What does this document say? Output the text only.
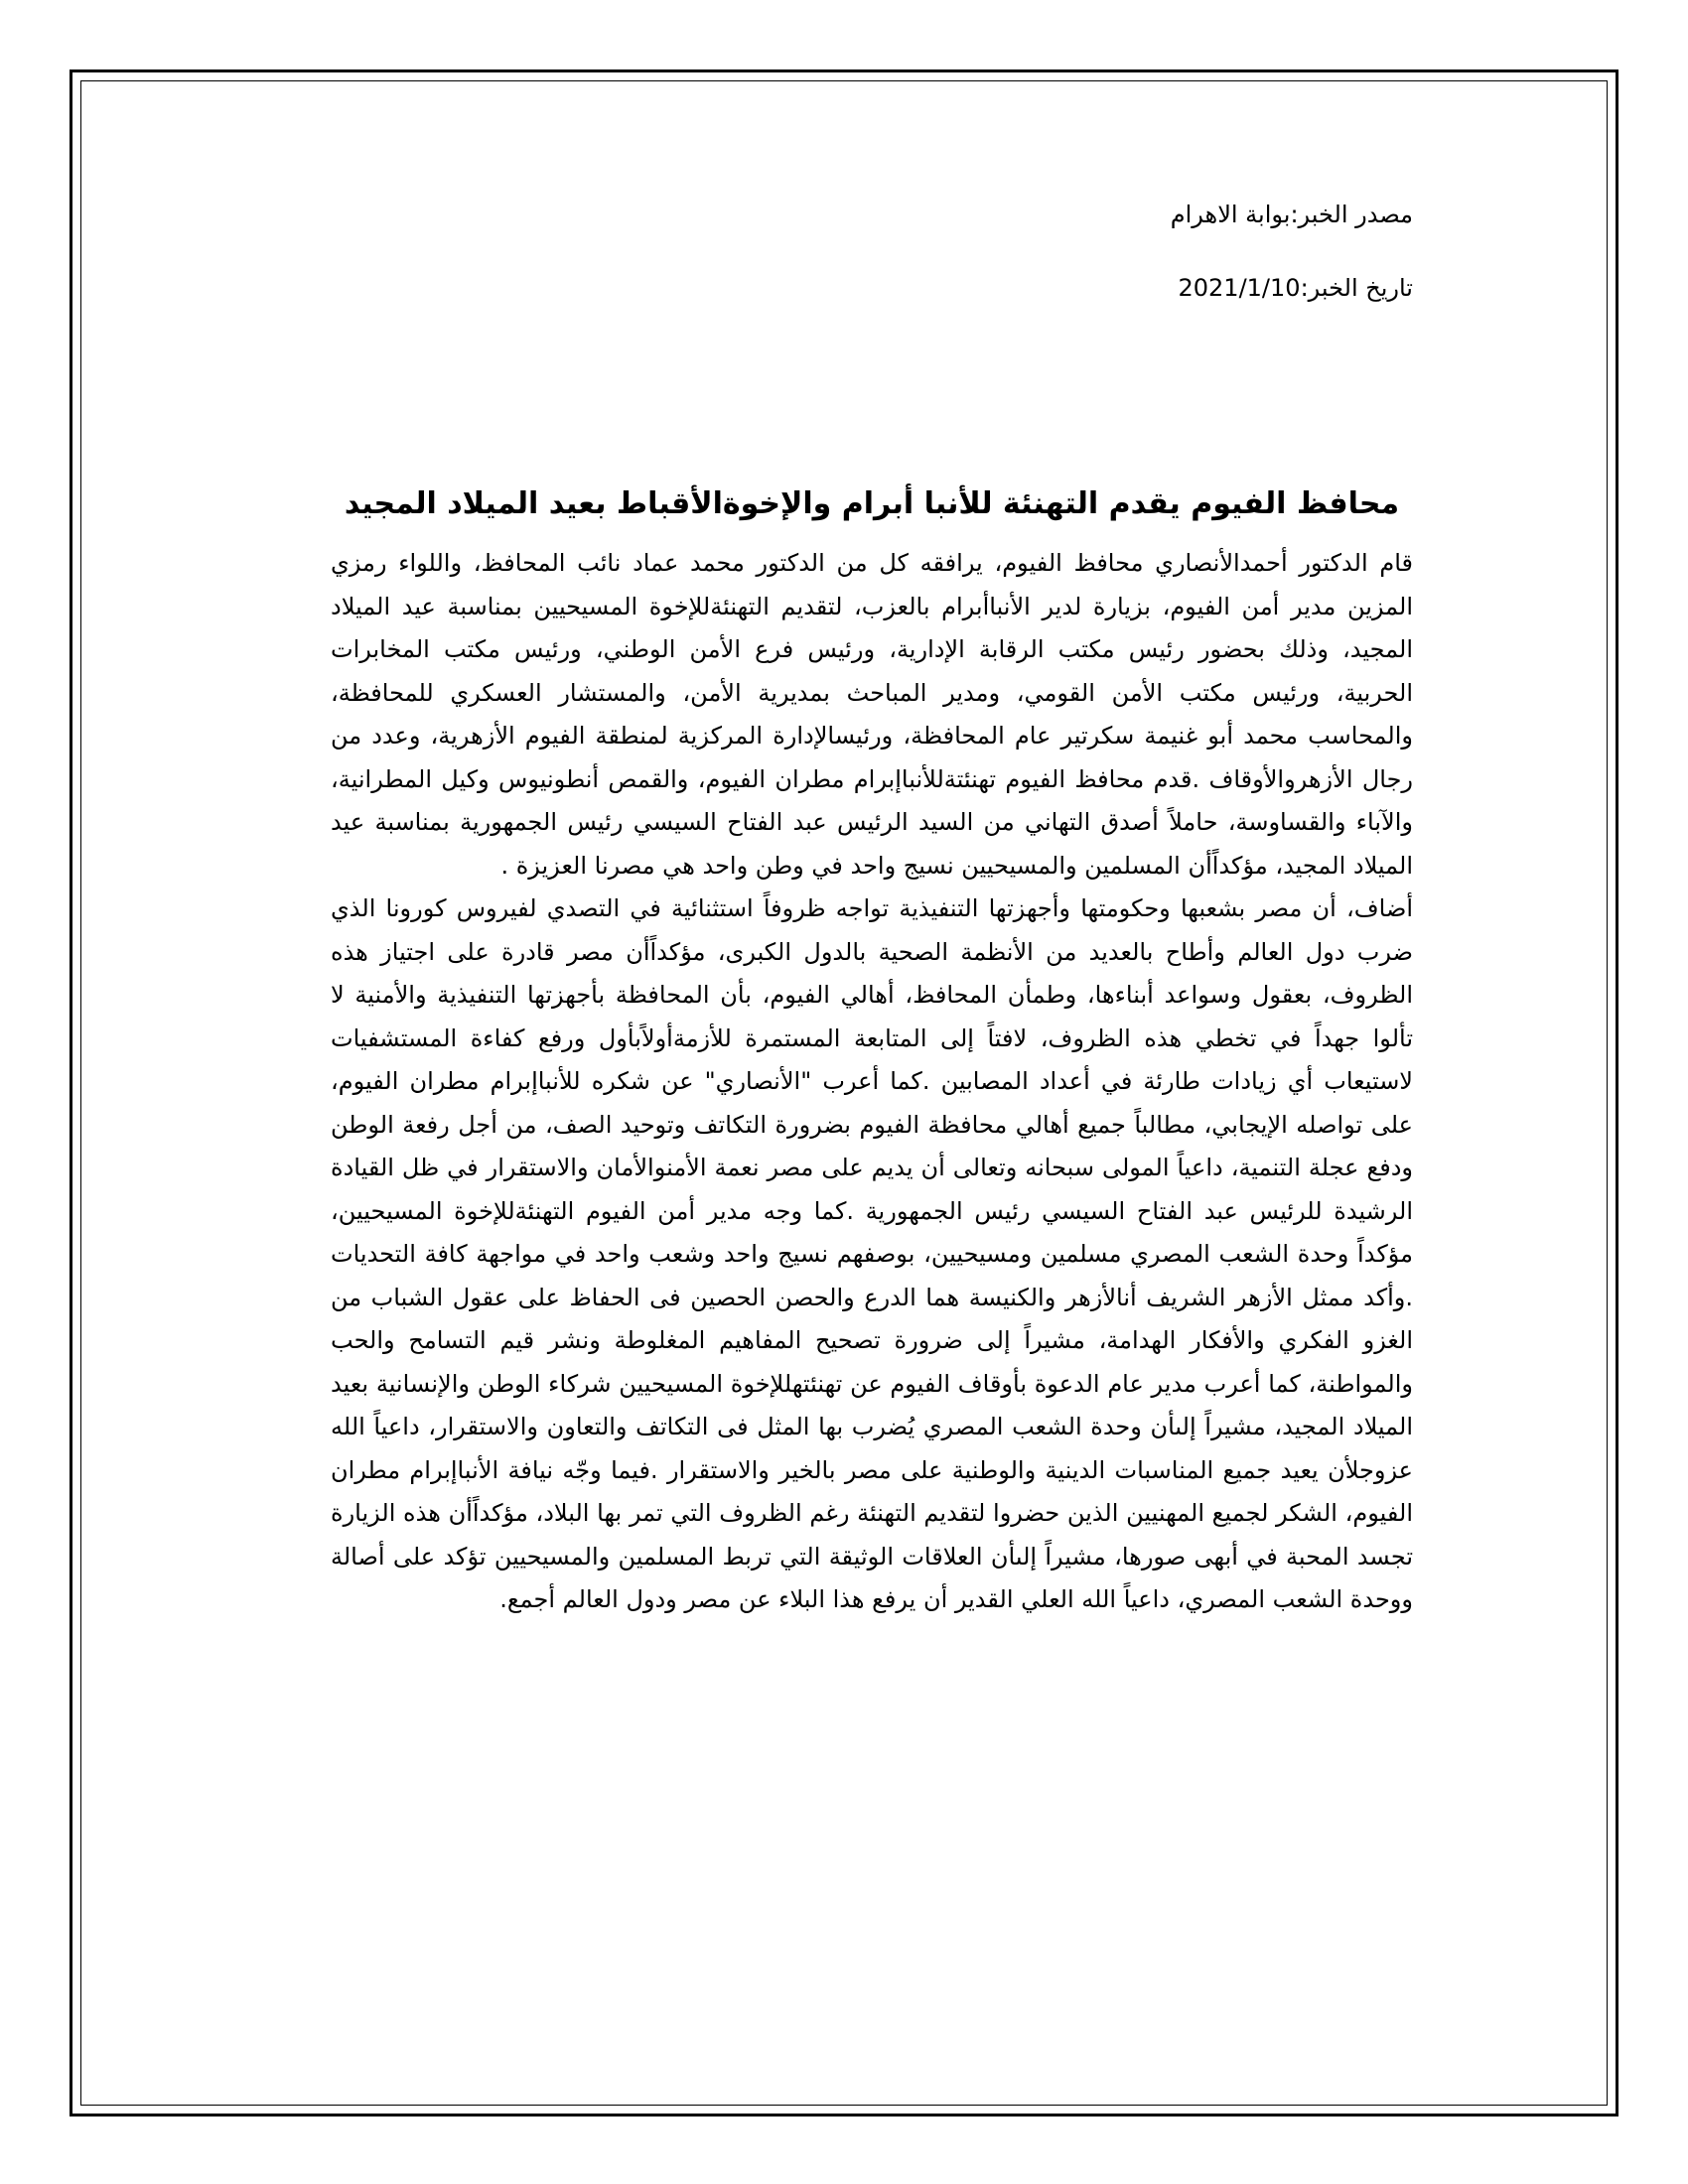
مصدر الخبر:بوابة الاهرام

تاريخ الخبر:2021/1/10

محافظ الفيوم يقدم التهنئة للأنبا أبرام والإخوةالأقباط بعيد الميلاد المجيد

قام الدكتور أحمدالأنصاري محافظ الفيوم، يرافقه كل من الدكتور محمد عماد نائب المحافظ، واللواء رمزي المزين مدير أمن الفيوم، بزيارة لدير الأنباأبرام بالعزب، لتقديم التهنئةللإخوة المسيحيين بمناسبة عيد الميلاد المجيد، وذلك بحضور رئيس مكتب الرقابة الإدارية، ورئيس فرع الأمن الوطني، ورئيس مكتب المخابرات الحربية، ورئيس مكتب الأمن القومي، ومدير المباحث بمديرية الأمن، والمستشار العسكري للمحافظة، والمحاسب محمد أبو غنيمة سكرتير عام المحافظة، ورئيسالإدارة المركزية لمنطقة الفيوم الأزهرية، وعدد من رجال الأزهروالأوقاف .قدم محافظ الفيوم تهنئتةللأنباإبرام مطران الفيوم، والقمص أنطونيوس وكيل المطرانية، والآباء والقساوسة، حاملاً أصدق التهاني من السيد الرئيس عبد الفتاح السيسي رئيس الجمهورية بمناسبة عيد الميلاد المجيد، مؤكداًأن المسلمين والمسيحيين نسيج واحد في وطن واحد هي مصرنا العزيزة .

أضاف، أن مصر بشعبها وحكومتها وأجهزتها التنفيذية تواجه ظروفاً استثنائية في التصدي لفيروس كورونا الذي ضرب دول العالم وأطاح بالعديد من الأنظمة الصحية بالدول الكبرى، مؤكداًأن مصر قادرة على اجتياز هذه الظروف، بعقول وسواعد أبناءها، وطمأن المحافظ، أهالي الفيوم، بأن المحافظة بأجهزتها التنفيذية والأمنية لا تألوا جهداً في تخطي هذه الظروف، لافتاً إلى المتابعة المستمرة للأزمةأولاًبأول ورفع كفاءة المستشفيات لاستيعاب أي زيادات طارئة في أعداد المصابين .كما أعرب "الأنصاري" عن شكره للأنباإبرام مطران الفيوم، على تواصله الإيجابي، مطالباً جميع أهالي محافظة الفيوم بضرورة التكاتف وتوحيد الصف، من أجل رفعة الوطن ودفع عجلة التنمية، داعياً المولى سبحانه وتعالى أن يديم على مصر نعمة الأمنوالأمان والاستقرار في ظل القيادة الرشيدة للرئيس عبد الفتاح السيسي رئيس الجمهورية .كما وجه مدير أمن الفيوم التهنئةللإخوة المسيحيين، مؤكداً وحدة الشعب المصري مسلمين ومسيحيين، بوصفهم نسيج واحد وشعب واحد في مواجهة كافة التحديات .وأكد ممثل الأزهر الشريف أنالأزهر والكنيسة هما الدرع والحصن الحصين فى الحفاظ على عقول الشباب من الغزو الفكري والأفكار الهدامة، مشيراً إلى ضرورة تصحيح المفاهيم المغلوطة ونشر قيم التسامح والحب والمواطنة، كما أعرب مدير عام الدعوة بأوقاف الفيوم عن تهنئتهللإخوة المسيحيين شركاء الوطن والإنسانية بعيد الميلاد المجيد، مشيراً إلىأن وحدة الشعب المصري يُضرب بها المثل فى التكاتف والتعاون والاستقرار، داعياً الله عزوجلأن يعيد جميع المناسبات الدينية والوطنية على مصر بالخير والاستقرار .فيما وجّه نيافة الأنباإبرام مطران الفيوم، الشكر لجميع المهنيين الذين حضروا لتقديم التهنئة رغم الظروف التي تمر بها البلاد، مؤكداًأن هذه الزيارة تجسد المحبة في أبهى صورها، مشيراً إلىأن العلاقات الوثيقة التي تربط المسلمين والمسيحيين تؤكد على أصالة ووحدة الشعب المصري، داعياً الله العلي القدير أن يرفع هذا البلاء عن مصر ودول العالم أجمع.
